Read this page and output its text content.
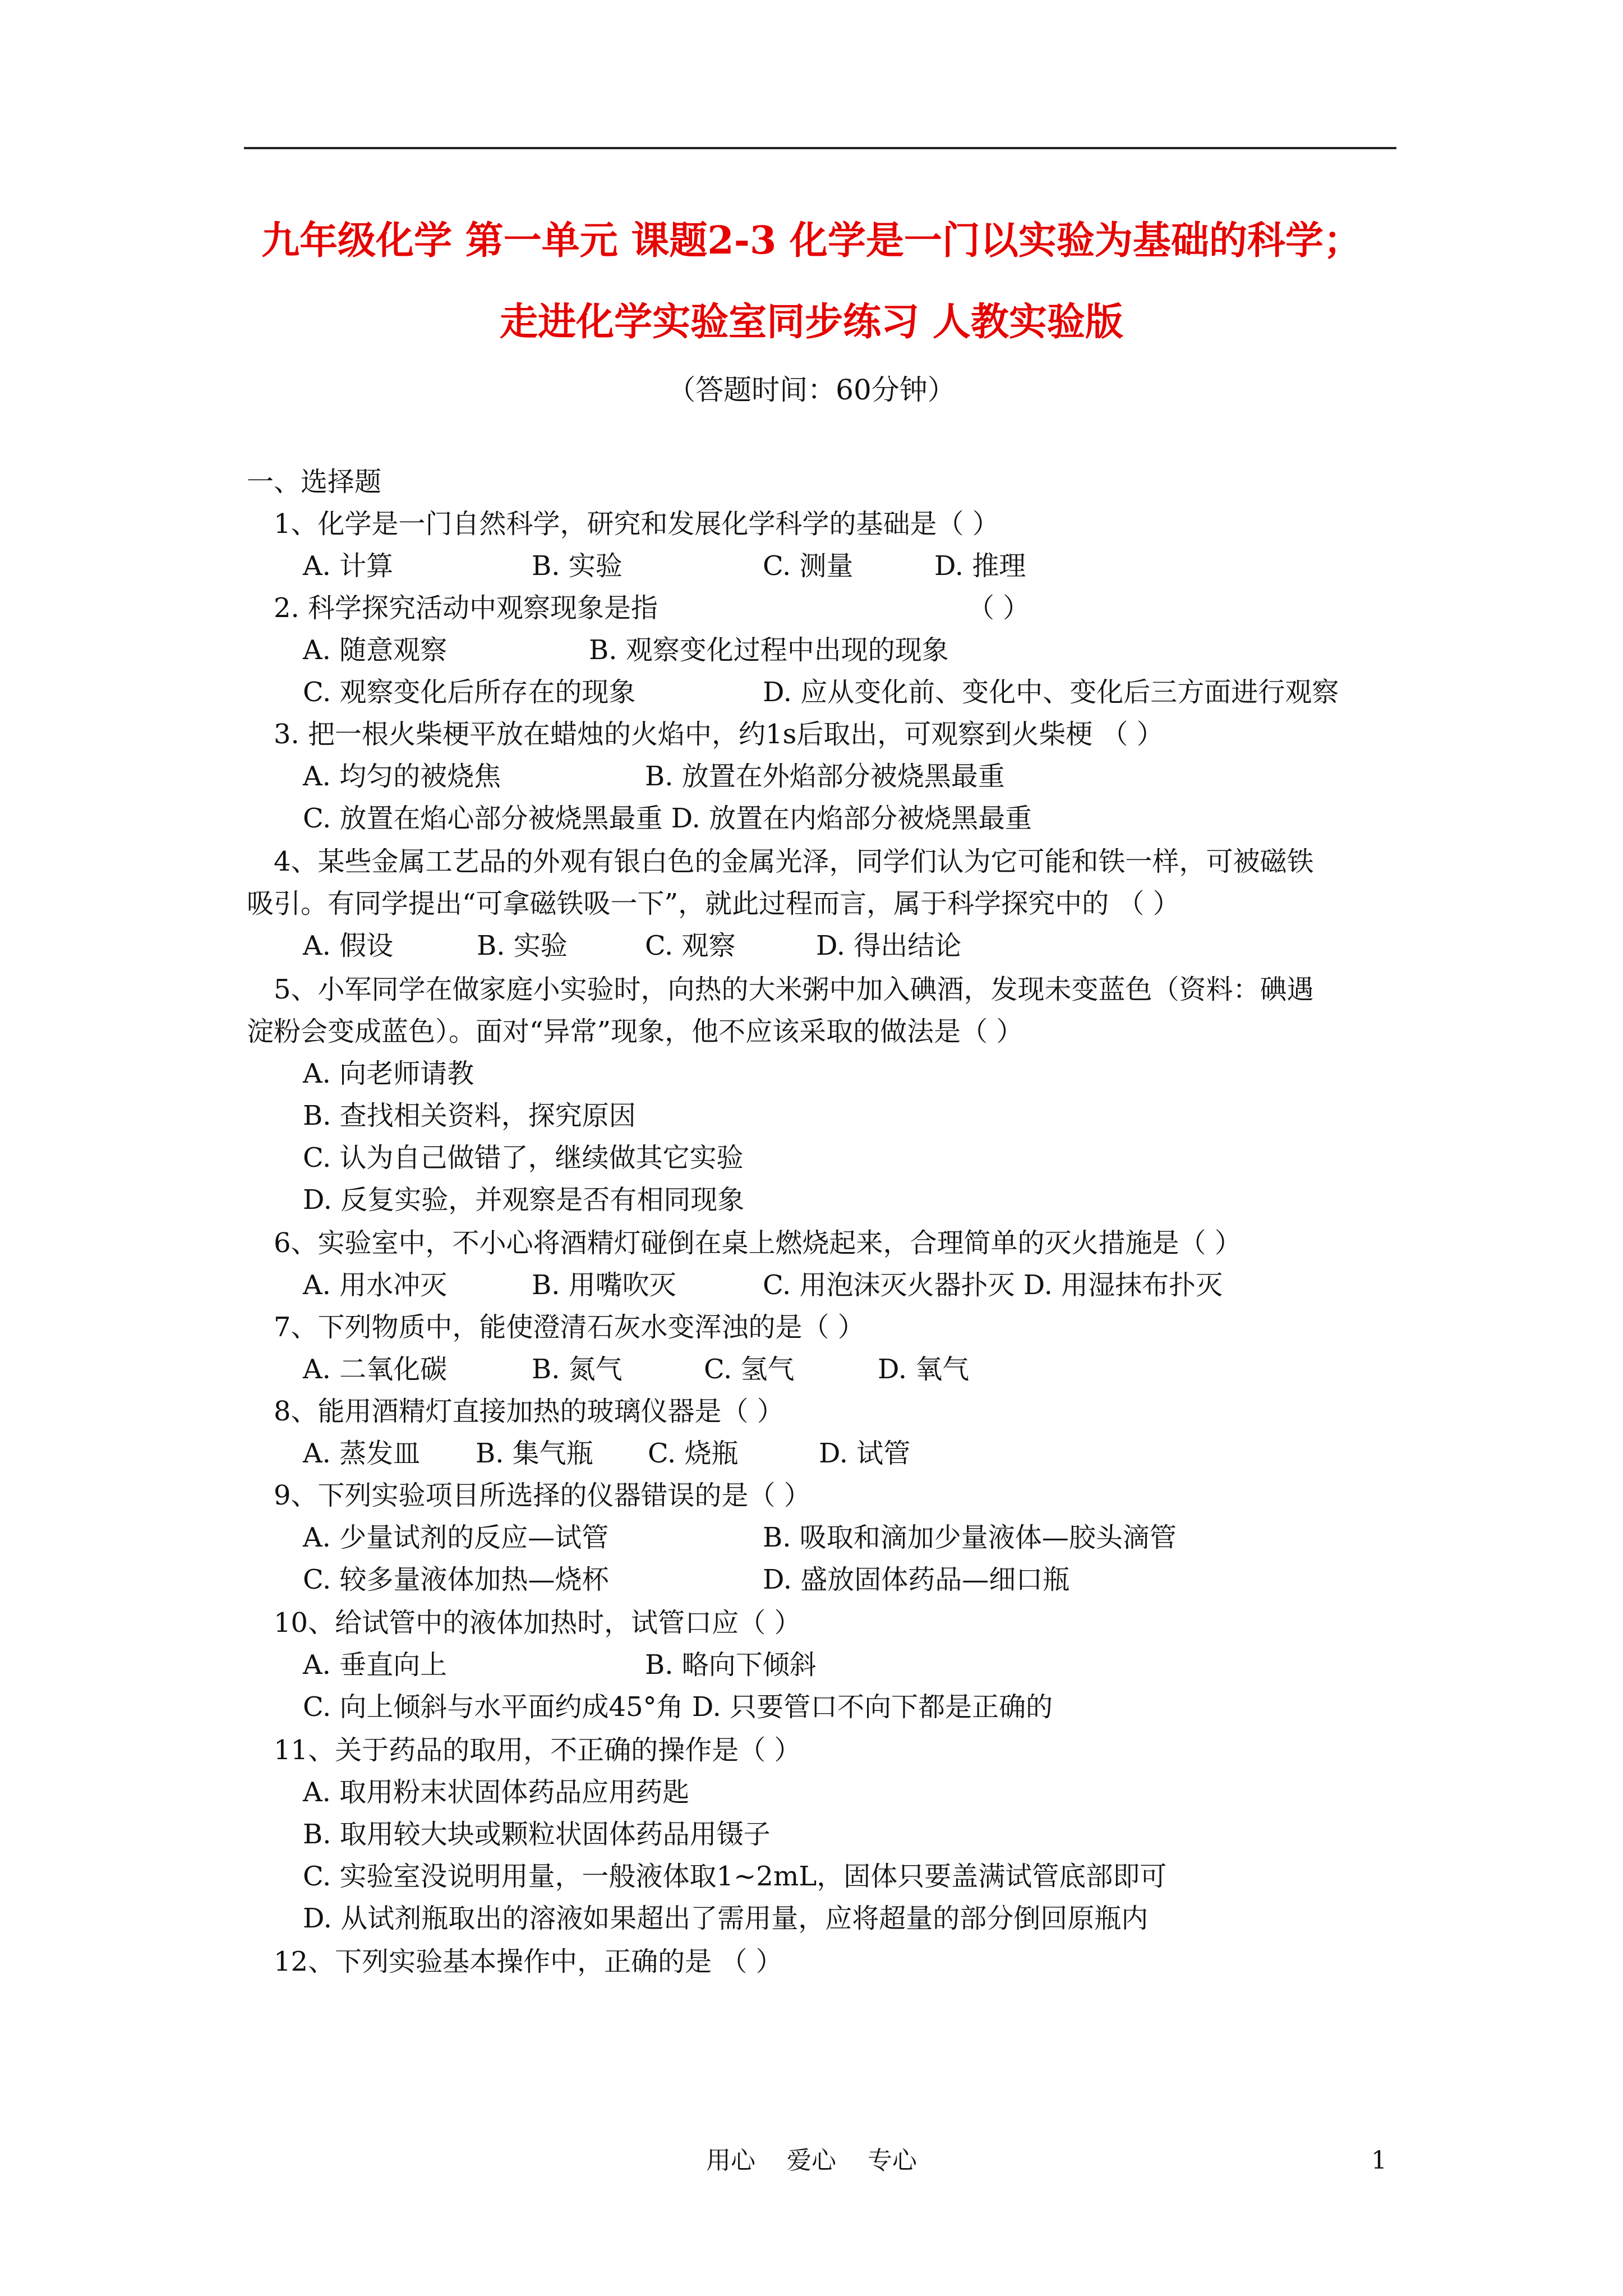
九年级化学 第一单元 课题2-3 化学是一门以实验为基础的科学；
走进化学实验室同步练习 人教实验版
（答题时间：60分钟）
一、选择题
1、化学是一门自然科学，研究和发展化学科学的基础是（ ）
A. 计算	B. 实验	C. 测量	D. 推理
2. 科学探究活动中观察现象是指	（ ）
A. 随意观察	B. 观察变化过程中出现的现象
C. 观察变化后所存在的现象	D. 应从变化前、变化中、变化后三方面进行观察
3. 把一根火柴梗平放在蜡烛的火焰中，约1s后取出，可观察到火柴梗 （ ）
A. 均匀的被烧焦	B. 放置在外焰部分被烧黑最重
C. 放置在焰心部分被烧黑最重 D. 放置在内焰部分被烧黑最重
4、某些金属工艺品的外观有银白色的金属光泽，同学们认为它可能和铁一样，可被磁铁
吸引。有同学提出“可拿磁铁吸一下”，就此过程而言，属于科学探究中的 （ ）
A. 假设	B. 实验	C. 观察	D. 得出结论
5、小军同学在做家庭小实验时，向热的大米粥中加入碘酒，发现未变蓝色（资料：碘遇
淀粉会变成蓝色）。面对“异常”现象，他不应该采取的做法是（ ）
A. 向老师请教
B. 查找相关资料，探究原因
C. 认为自己做错了，继续做其它实验
D. 反复实验，并观察是否有相同现象
6、实验室中，不小心将酒精灯碰倒在桌上燃烧起来，合理简单的灭火措施是（ ）
A. 用水冲灭	B. 用嘴吹灭	C. 用泡沫灭火器扑灭 D. 用湿抹布扑灭
7、下列物质中，能使澄清石灰水变浑浊的是（ ）
A. 二氧化碳	B. 氮气	C. 氢气	D. 氧气
8、能用酒精灯直接加热的玻璃仪器是（ ）
A. 蒸发皿 B. 集气瓶 C. 烧瓶	D. 试管
9、下列实验项目所选择的仪器错误的是（ ）
A. 少量试剂的反应—试管	B. 吸取和滴加少量液体—胶头滴管
C. 较多量液体加热—烧杯	D. 盛放固体药品—细口瓶
10、给试管中的液体加热时，试管口应（ ）
A. 垂直向上	B. 略向下倾斜
C. 向上倾斜与水平面约成45°角 D. 只要管口不向下都是正确的
11、关于药品的取用，不正确的操作是（ ）
A. 取用粉末状固体药品应用药匙
B. 取用较大块或颗粒状固体药品用镊子
C. 实验室没说明用量，一般液体取1~2mL，固体只要盖满试管底部即可
D. 从试剂瓶取出的溶液如果超出了需用量，应将超量的部分倒回原瓶内
12、下列实验基本操作中，正确的是 （ ）
用心    爱心    专心	1
